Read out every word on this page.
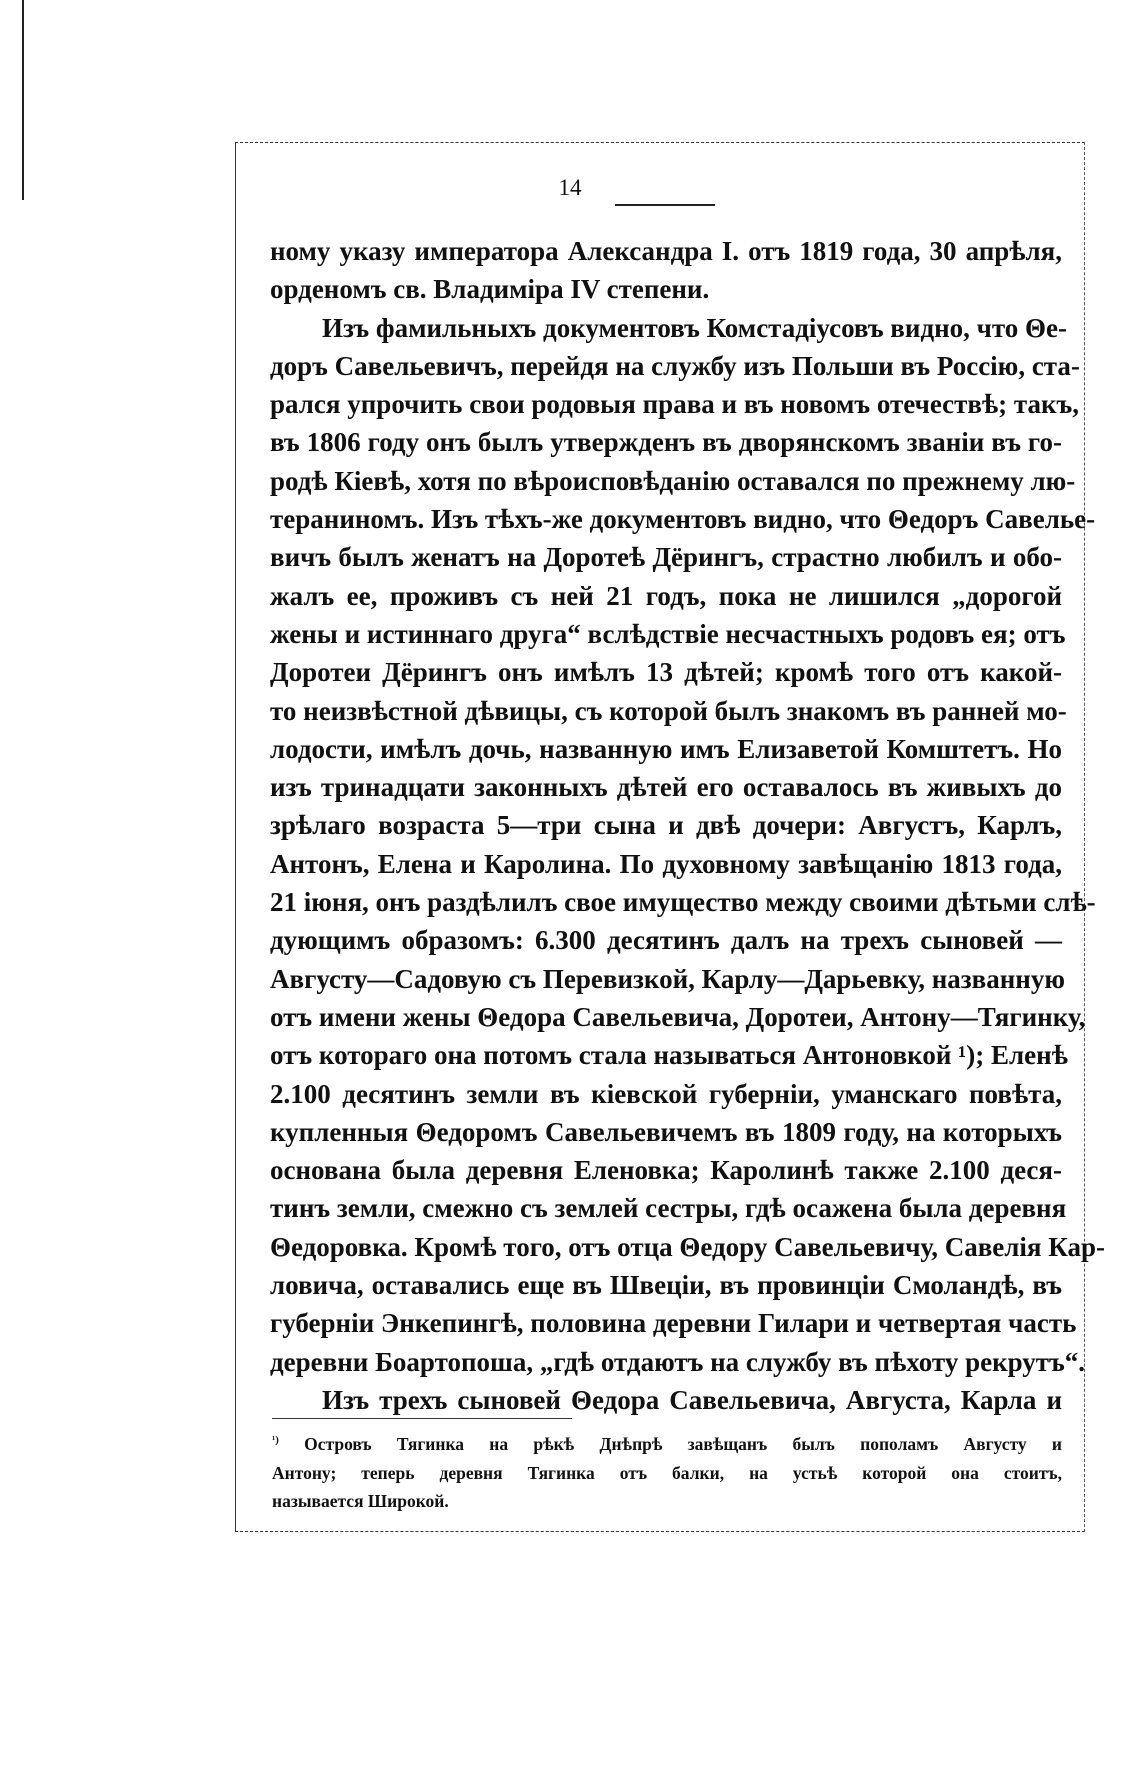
14
ному указу императора Александра I. отъ 1819 года, 30 апрѣля,
орденомъ св. Владимiра IV степени.
Изъ фамильныхъ документовъ Комстадiусовъ видно, что Θе-
доръ Савельевичъ, перейдя на службу изъ Польши въ Россiю, ста-
рался упрочить свои родовыя права и въ новомъ отечествѣ; такъ,
въ 1806 году онъ былъ утвержденъ въ дворянскомъ званiи въ го-
родѣ Кiевѣ, хотя по вѣроисповѣданiю оставался по прежнему лю-
тераниномъ. Изъ тѣхъ-же документовъ видно, что Θедоръ Савелье-
вичъ былъ женатъ на Доротеѣ Дёрингъ, страстно любилъ и обо-
жалъ ее, проживъ съ ней 21 годъ, пока не лишился „дорогой
жены и истиннаго друга“ вслѣдствiе несчастныхъ родовъ ея; отъ
Доротеи Дёрингъ онъ имѣлъ 13 дѣтей; кромѣ того отъ какой-
то неизвѣстной дѣвицы, съ которой былъ знакомъ въ ранней мо-
лодости, имѣлъ дочь, названную имъ Елизаветой Комштетъ. Но
изъ тринадцати законныхъ дѣтей его оставалось въ живыхъ до
зрѣлаго возраста 5—три сына и двѣ дочери: Августъ, Карлъ,
Антонъ, Елена и Каролина. По духовному завѣщанiю 1813 года,
21 iюня, онъ раздѣлилъ свое имущество между своими дѣтьми слѣ-
дующимъ образомъ: 6.300 десятинъ далъ на трехъ сыновей —
Августу—Садовую съ Перевизкой, Карлу—Дарьевку, названную
отъ имени жены Θедора Савельевича, Доротеи, Антону—Тягинку,
отъ котораго она потомъ стала называться Антоновкой ¹); Еленѣ
2.100 десятинъ земли въ кiевской губернiи, уманскаго повѣта,
купленныя Θедоромъ Савельевичемъ въ 1809 году, на которыхъ
основана была деревня Еленовка; Каролинѣ также 2.100 деся-
тинъ земли, смежно съ землей сестры, гдѣ осажена была деревня
Θедоровка. Кромѣ того, отъ отца Θедору Савельевичу, Савелiя Кар-
ловича, оставались еще въ Швецiи, въ провинцiи Смоландѣ, въ
губернiи Энкепингѣ, половина деревни Гилари и четвертая часть
деревни Боартопоша, „гдѣ отдаютъ на службу въ пѣхоту рекрутъ“.
Изъ трехъ сыновей Θедора Савельевича, Августа, Карла и
$^{^1)}$ Островъ Тягинка на рѣкѣ Днѣпрѣ завѣщанъ былъ пополамъ Августу и
Антону; теперь деревня Тягинка отъ балки, на устьѣ которой она стоитъ,
называется Широкой.
